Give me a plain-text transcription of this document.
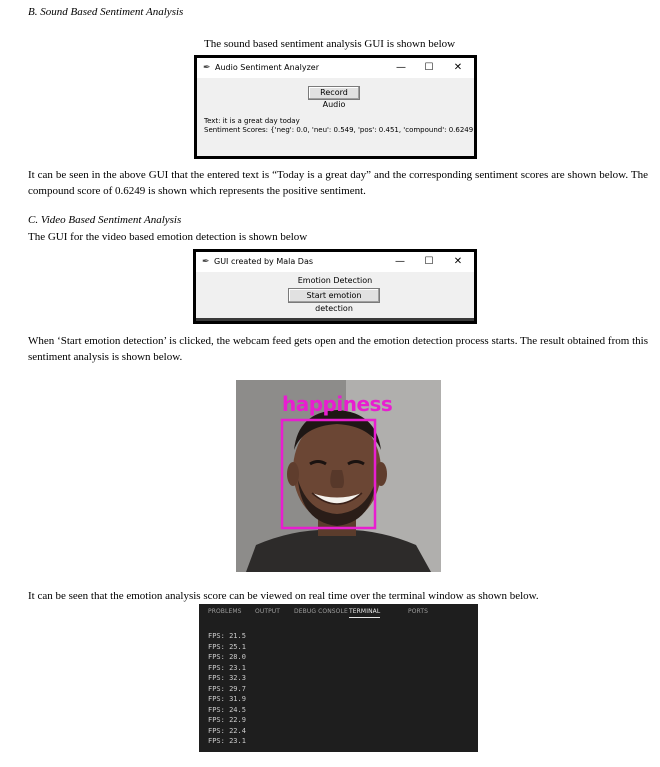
B. Sound Based Sentiment Analysis
The sound based sentiment analysis GUI is shown below
✒ Audio Sentiment Analyzer	—	☐	✕
Record Audio
Text: it is a great day today
Sentiment Scores: {'neg': 0.0, 'neu': 0.549, 'pos': 0.451, 'compound': 0.6249}
It can be seen in the above GUI that the entered text is “Today is a great day” and the corresponding sentiment scores are shown below. The compound score of 0.6249 is shown which represents the positive sentiment.
C. Video Based Sentiment Analysis
The GUI for the video based emotion detection is shown below
✒ GUI created by Mala Das	—	☐	✕
Emotion Detection
Start emotion detection
When ‘Start emotion detection’ is clicked, the webcam feed gets open and the emotion detection process starts. The result obtained from this sentiment analysis is shown below.
happiness
It can be seen that the emotion analysis score can be viewed on real time over the terminal window as shown below.
PROBLEMS OUTPUT DEBUG CONSOLE TERMINAL	PORTS
FPS: 21.5
FPS: 25.1
FPS: 28.0
FPS: 23.1
FPS: 32.3
FPS: 29.7
FPS: 31.9
FPS: 24.5
FPS: 22.9
FPS: 22.4
FPS: 23.1
